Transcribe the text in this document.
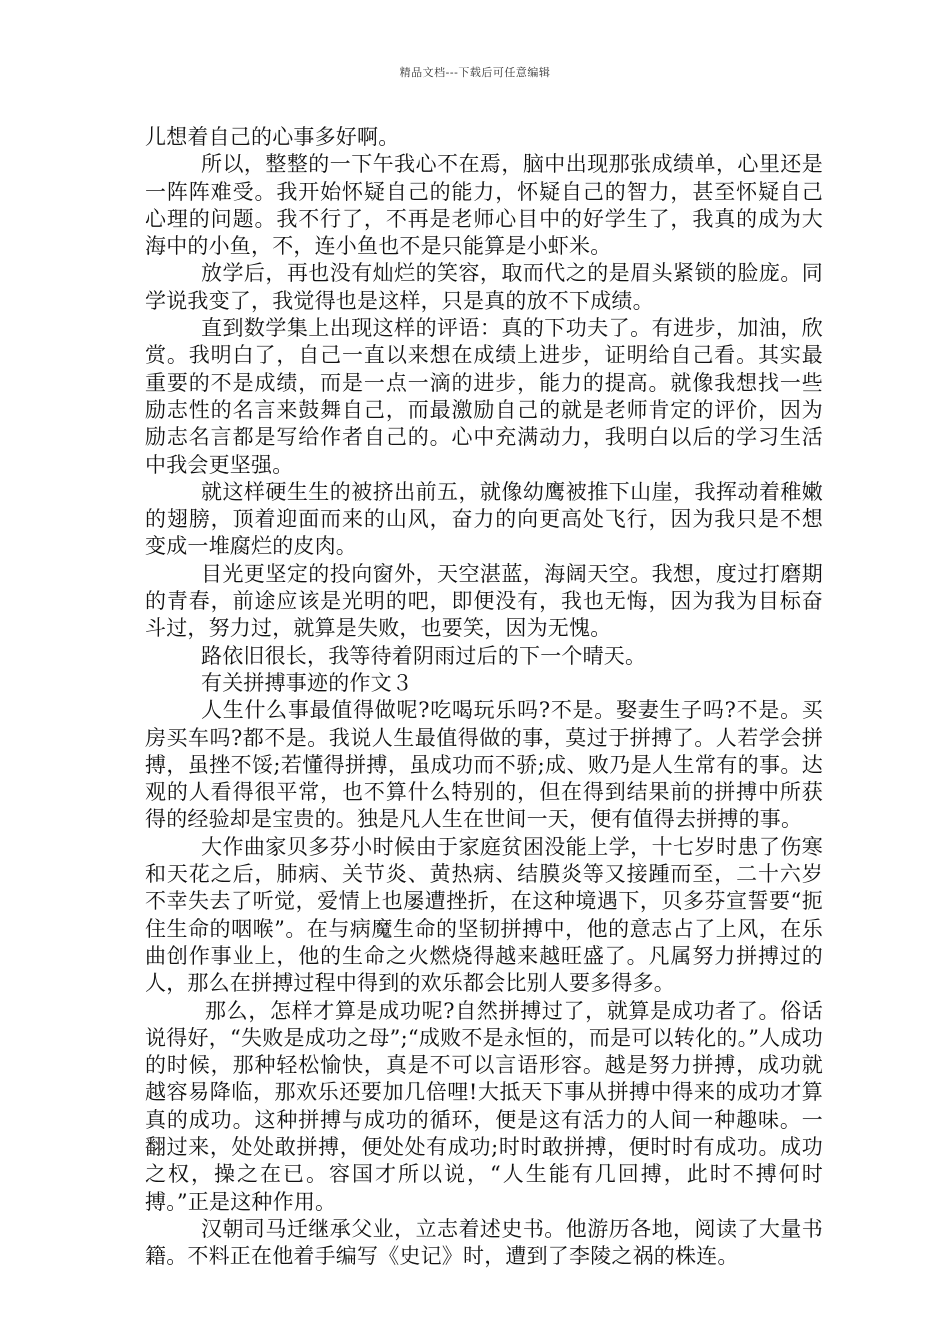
精品文档---下载后可任意编辑

儿想着自己的心事多好啊。

所以，整整的一下午我心不在焉，脑中出现那张成绩单，心里还是一阵阵难受。我开始怀疑自己的能力，怀疑自己的智力，甚至怀疑自己心理的问题。我不行了，不再是老师心目中的好学生了，我真的成为大海中的小鱼，不，连小鱼也不是只能算是小虾米。

放学后，再也没有灿烂的笑容，取而代之的是眉头紧锁的脸庞。同学说我变了，我觉得也是这样，只是真的放不下成绩。

直到数学集上出现这样的评语：真的下功夫了。有进步，加油，欣赏。我明白了，自己一直以来想在成绩上进步，证明给自己看。其实最重要的不是成绩，而是一点一滴的进步，能力的提高。就像我想找一些励志性的名言来鼓舞自己，而最激励自己的就是老师肯定的评价，因为励志名言都是写给作者自己的。心中充满动力，我明白以后的学习生活中我会更坚强。

就这样硬生生的被挤出前五，就像幼鹰被推下山崖，我挥动着稚嫩的翅膀，顶着迎面而来的山风，奋力的向更高处飞行，因为我只是不想变成一堆腐烂的皮肉。

目光更坚定的投向窗外，天空湛蓝，海阔天空。我想，度过打磨期的青春，前途应该是光明的吧，即便没有，我也无悔，因为我为目标奋斗过，努力过，就算是失败，也要笑，因为无愧。

路依旧很长，我等待着阴雨过后的下一个晴天。

有关拼搏事迹的作文３

人生什么事最值得做呢?吃喝玩乐吗?不是。娶妻生子吗?不是。买房买车吗?都不是。我说人生最值得做的事，莫过于拼搏了。人若学会拼搏，虽挫不馁;若懂得拼搏，虽成功而不骄;成、败乃是人生常有的事。达观的人看得很平常，也不算什么特别的，但在得到结果前的拼搏中所获得的经验却是宝贵的。独是凡人生在世间一天，便有值得去拼搏的事。

大作曲家贝多芬小时候由于家庭贫困没能上学，十七岁时患了伤寒和天花之后，肺病、关节炎、黄热病、结膜炎等又接踵而至，二十六岁不幸失去了听觉，爱情上也屡遭挫折，在这种境遇下，贝多芬宣誓要“扼住生命的咽喉”。在与病魔生命的坚韧拼搏中，他的意志占了上风，在乐曲创作事业上，他的生命之火燃烧得越来越旺盛了。凡属努力拼搏过的人，那么在拼搏过程中得到的欢乐都会比别人要多得多。

那么，怎样才算是成功呢?自然拼搏过了，就算是成功者了。俗话说得好，“失败是成功之母”;“成败不是永恒的，而是可以转化的。”人成功的时候，那种轻松愉快，真是不可以言语形容。越是努力拼搏，成功就越容易降临，那欢乐还要加几倍哩!大抵天下事从拼搏中得来的成功才算真的成功。这种拼搏与成功的循环，便是这有活力的人间一种趣味。一翻过来，处处敢拼搏，便处处有成功;时时敢拼搏，便时时有成功。成功之权，操之在已。容国才所以说，“人生能有几回搏，此时不搏何时搏。”正是这种作用。

汉朝司马迁继承父业，立志着述史书。他游历各地，阅读了大量书籍。不料正在他着手编写《史记》时，遭到了李陵之祸的株连。
